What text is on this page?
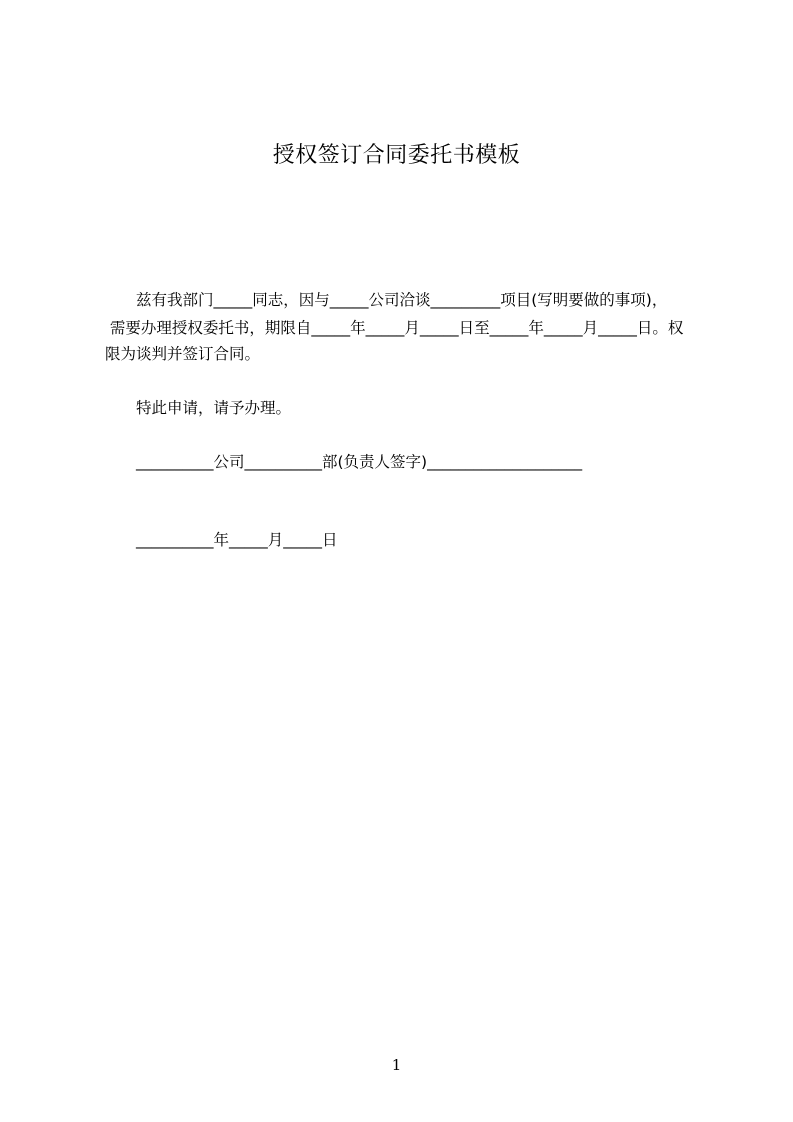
授权签订合同委托书模板
　　兹有我部门_____同志，因与_____公司洽谈_________项目(写明要做的事项)，
需要办理授权委托书，期限自_____年_____月_____日至_____年_____月_____日。权
限为谈判并签订合同。
　　特此申请，请予办理。
　　__________公司__________部(负责人签字)____________________
　　__________年_____月_____日
1
